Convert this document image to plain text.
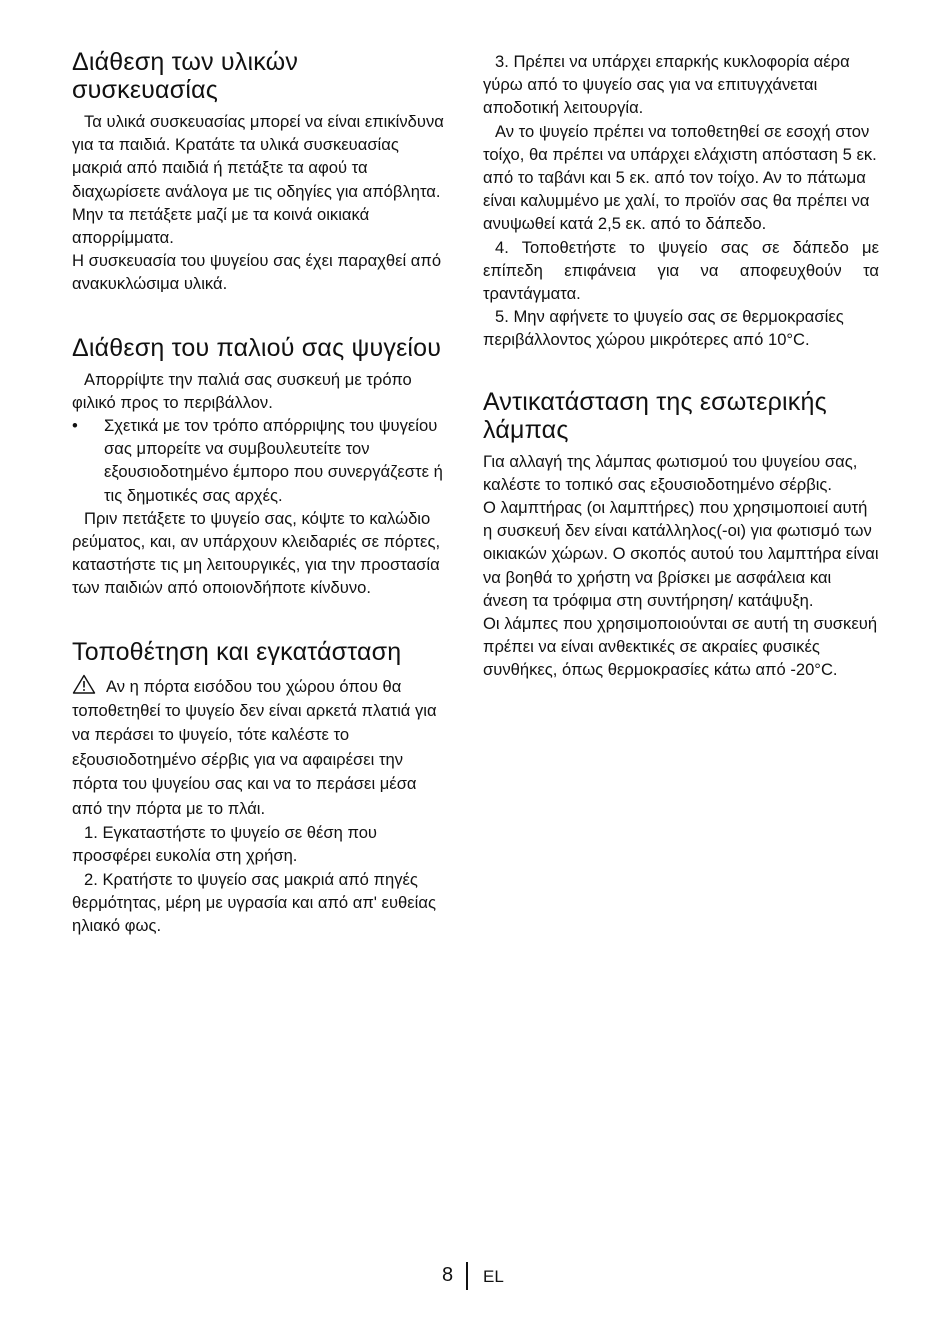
Διάθεση των υλικών συσκευασίας

Τα υλικά συσκευασίας μπορεί να είναι επικίνδυνα για τα παιδιά. Κρατάτε τα υλικά συσκευασίας μακριά από παιδιά ή πετάξτε τα αφού τα διαχωρίσετε ανάλογα με τις οδηγίες για απόβλητα. Μην τα πετάξετε μαζί με τα κοινά οικιακά απορρίμματα.

Η συσκευασία του ψυγείου σας έχει παραχθεί από ανακυκλώσιμα υλικά.

Διάθεση του παλιού σας ψυγείου

Απορρίψτε την παλιά σας συσκευή με τρόπο φιλικό προς το περιβάλλον.

• Σχετικά με τον τρόπο απόρριψης του ψυγείου σας μπορείτε να συμβουλευτείτε τον εξουσιοδοτημένο έμπορο που συνεργάζεστε ή τις δημοτικές σας αρχές.

Πριν πετάξετε το ψυγείο σας, κόψτε το καλώδιο ρεύματος, και, αν υπάρχουν κλειδαριές σε πόρτες, καταστήστε τις μη λειτουργικές, για την προστασία των παιδιών από οποιονδήποτε κίνδυνο.

Τοποθέτηση και εγκατάσταση

Αν η πόρτα εισόδου του χώρου όπου θα τοποθετηθεί το ψυγείο δεν είναι αρκετά πλατιά για να περάσει το ψυγείο, τότε καλέστε το εξουσιοδοτημένο σέρβις για να αφαιρέσει την πόρτα του ψυγείου σας και να το περάσει μέσα από την πόρτα με το πλάι.

1. Εγκαταστήστε το ψυγείο σε θέση που προσφέρει ευκολία στη χρήση.

2. Κρατήστε το ψυγείο σας μακριά από πηγές θερμότητας, μέρη με υγρασία και από απ' ευθείας ηλιακό φως.

3. Πρέπει να υπάρχει επαρκής κυκλοφορία αέρα γύρω από το ψυγείο σας για να επιτυγχάνεται αποδοτική λειτουργία.

Αν το ψυγείο πρέπει να τοποθετηθεί σε εσοχή στον τοίχο, θα πρέπει να υπάρχει ελάχιστη απόσταση 5 εκ. από το ταβάνι και 5 εκ. από τον τοίχο. Αν το πάτωμα είναι καλυμμένο με χαλί, το προϊόν σας θα πρέπει να ανυψωθεί κατά 2,5 εκ. από το δάπεδο.

4. Τοποθετήστε το ψυγείο σας σε δάπεδο με επίπεδη επιφάνεια για να αποφευχθούν τα τραντάγματα.

5. Μην αφήνετε το ψυγείο σας σε θερμοκρασίες περιβάλλοντος χώρου μικρότερες από 10°C.

Αντικατάσταση της εσωτερικής λάμπας

Για αλλαγή της λάμπας φωτισμού του ψυγείου σας, καλέστε το τοπικό σας εξουσιοδοτημένο σέρβις.

Ο λαμπτήρας (οι λαμπτήρες) που χρησιμοποιεί αυτή η συσκευή δεν είναι κατάλληλος(-οι) για φωτισμό των οικιακών χώρων. Ο σκοπός αυτού του λαμπτήρα είναι να βοηθά το χρήστη να βρίσκει με ασφάλεια και άνεση τα τρόφιμα στη συντήρηση/ κατάψυξη.

Οι λάμπες που χρησιμοποιούνται σε αυτή τη συσκευή πρέπει να είναι ανθεκτικές σε ακραίες φυσικές συνθήκες, όπως θερμοκρασίες κάτω από -20°C.

8 EL
